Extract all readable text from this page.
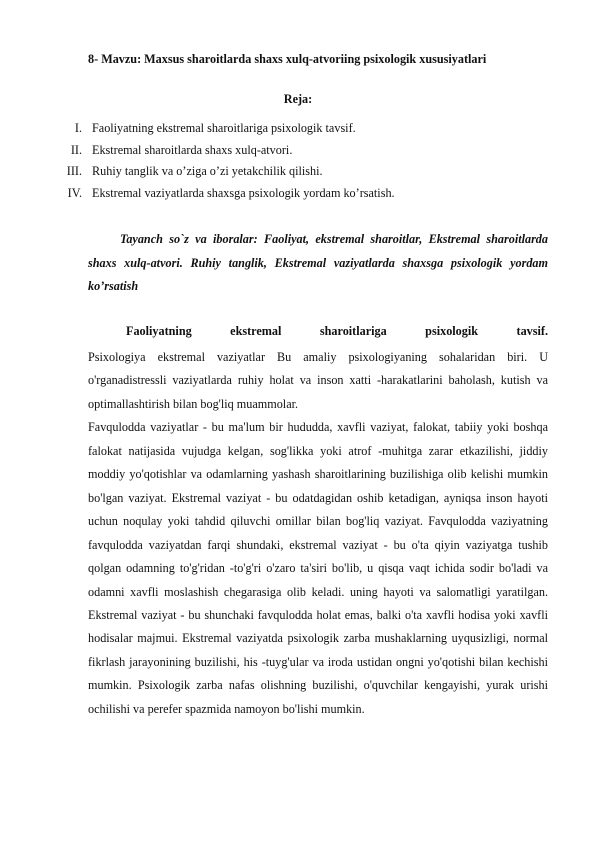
8- Mavzu: Maxsus sharoitlarda shaxs xulq-atvoriing psixologik xususiyatlari
Reja:
I. Faoliyatning ekstremal sharoitlariga psixologik tavsif.
II. Ekstremal sharoitlarda shaxs xulq-atvori.
III. Ruhiy tanglik va o’ziga o’zi yetakchilik qilishi.
IV. Ekstremal vaziyatlarda shaxsga psixologik yordam ko’rsatish.

Tayanch so`z va iboralar: Faoliyat, ekstremal sharoitlar, Ekstremal sharoitlarda shaxs xulq-atvori. Ruhiy tanglik, Ekstremal vaziyatlarda shaxsga psixologik yordam ko’rsatish

Faoliyatning ekstremal sharoitlariga psixologik tavsif.

Psixologiya ekstremal vaziyatlar Bu amaliy psixologiyaning sohalaridan biri. U o'rganadistressli vaziyatlarda ruhiy holat va inson xatti -harakatlarini baholash, kutish va optimallashtirish bilan bog'liq muammolar.

Favqulodda vaziyatlar - bu ma'lum bir hududda, xavfli vaziyat, falokat, tabiiy yoki boshqa falokat natijasida vujudga kelgan, sog'likka yoki atrof -muhitga zarar etkazilishi, jiddiy moddiy yo'qotishlar va odamlarning yashash sharoitlarining buzilishiga olib kelishi mumkin bo'lgan vaziyat. Ekstremal vaziyat - bu odatdagidan oshib ketadigan, ayniqsa inson hayoti uchun noqulay yoki tahdid qiluvchi omillar bilan bog'liq vaziyat. Favqulodda vaziyatning favqulodda vaziyatdan farqi shundaki, ekstremal vaziyat - bu o'ta qiyin vaziyatga tushib qolgan odamning to'g'ridan -to'g'ri o'zaro ta'siri bo'lib, u qisqa vaqt ichida sodir bo'ladi va odamni xavfli moslashish chegarasiga olib keladi. uning hayoti va salomatligi yaratilgan. Ekstremal vaziyat - bu shunchaki favqulodda holat emas, balki o'ta xavfli hodisa yoki xavfli hodisalar majmui. Ekstremal vaziyatda psixologik zarba mushaklarning uyqusizligi, normal fikrlash jarayonining buzilishi, his -tuyg'ular va iroda ustidan ongni yo'qotishi bilan kechishi mumkin. Psixologik zarba nafas olishning buzilishi, o'quvchilar kengayishi, yurak urishi ochilishi va perefer spazmida namoyon bo'lishi mumkin.
